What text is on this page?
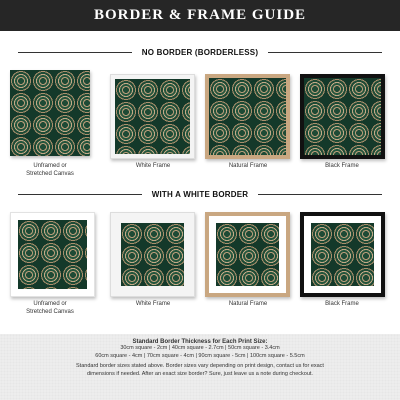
BORDER & FRAME GUIDE
NO BORDER (BORDERLESS)
Unframed or
Stretched Canvas
White Frame	Natural Frame	Black Frame
WITH A WHITE BORDER
Unframed or
Stretched Canvas
White Frame	Natural Frame	Black Frame
Standard Border Thickness for Each Print Size:
30cm square - 2cm | 40cm square - 2.7cm | 50cm square - 3.4cm
60cm square - 4cm | 70cm square - 4cm | 90cm square - 5cm | 100cm square - 5.5cm
Standard border sizes stated above. Border sizes vary depending on print design, contact us for exact
dimensions if needed. After an exact size border? Sure, just leave us a note during checkout.
